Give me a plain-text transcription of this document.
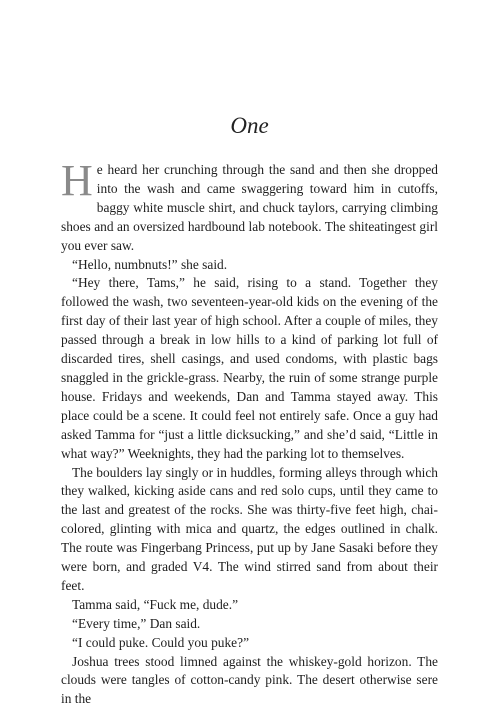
One

He heard her crunching through the sand and then she dropped into the wash and came swaggering toward him in cutoffs, baggy white muscle shirt, and chuck taylors, carrying climbing shoes and an oversized hardbound lab notebook. The shiteatingest girl you ever saw.

“Hello, numbnuts!” she said.

“Hey there, Tams,” he said, rising to a stand. Together they followed the wash, two seventeen-year-old kids on the evening of the first day of their last year of high school. After a couple of miles, they passed through a break in low hills to a kind of parking lot full of discarded tires, shell casings, and used condoms, with plastic bags snaggled in the grickle-grass. Nearby, the ruin of some strange purple house. Fridays and weekends, Dan and Tamma stayed away. This place could be a scene. It could feel not entirely safe. Once a guy had asked Tamma for “just a little dicksucking,” and she’d said, “Little in what way?” Weeknights, they had the parking lot to themselves.

The boulders lay singly or in huddles, forming alleys through which they walked, kicking aside cans and red solo cups, until they came to the last and greatest of the rocks. She was thirty-five feet high, chai-colored, glinting with mica and quartz, the edges outlined in chalk. The route was Fingerbang Princess, put up by Jane Sasaki before they were born, and graded V4. The wind stirred sand from about their feet.

Tamma said, “Fuck me, dude.”

“Every time,” Dan said.

“I could puke. Could you puke?”

Joshua trees stood limned against the whiskey-gold horizon. The clouds were tangles of cotton-candy pink. The desert otherwise sere in the
